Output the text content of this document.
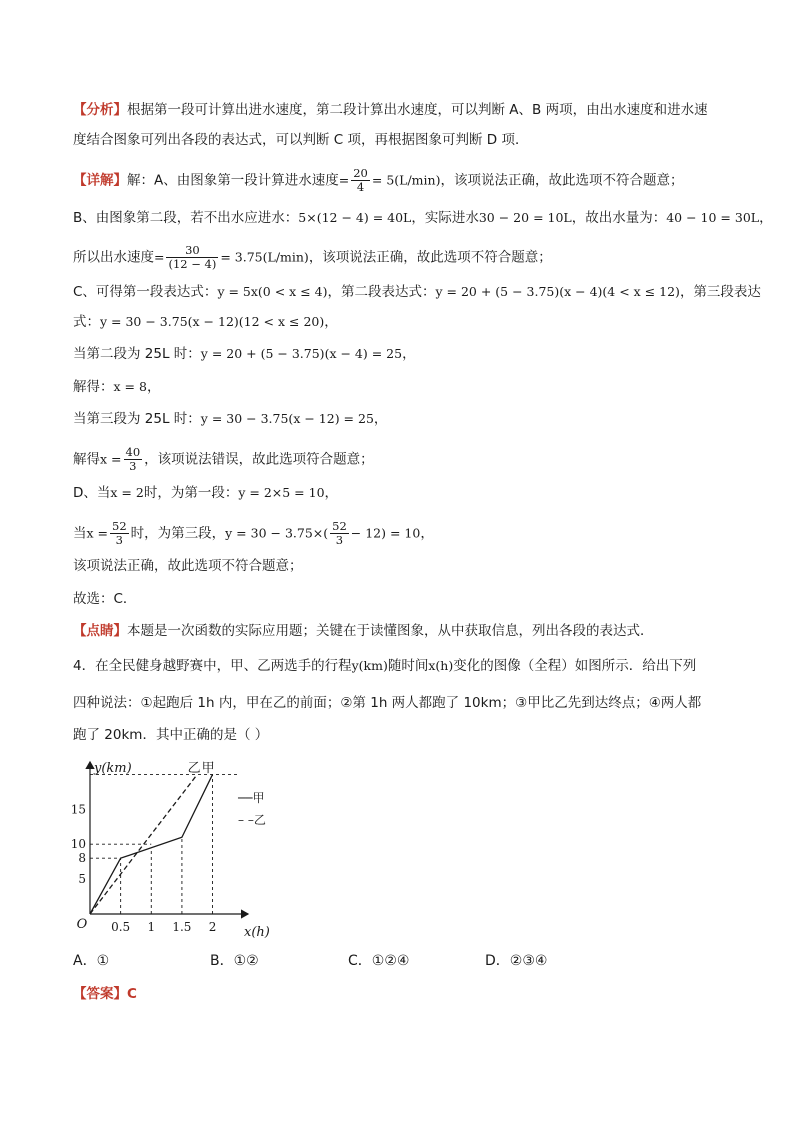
【分析】根据第一段可计算出进水速度，第二段计算出水速度，可以判断 A、B 两项，由出水速度和进水速
度结合图象可列出各段的表达式，可以判断 C 项，再根据图象可判断 D 项．
【详解】解：A、由图象第一段计算进水速度= $\frac{20}{4} = 5(L/\min)$，该项说法正确，故此选项不符合题意；
B、由图象第二段，若不出水应进水：5×(12 − 4) = 40L，实际进水30 − 20 = 10L，故出水量为：40 − 10 = 30L，
所以出水速度= $\frac{30}{(12 - 4)} = 3.75(L/\min)$，该项说法正确，故此选项不符合题意；
C、可得第一段表达式：y = 5x(0 < x ≤ 4)，第二段表达式：y = 20 + (5 − 3.75)(x − 4)(4 < x ≤ 12)，第三段表达
式：y = 30 − 3.75(x − 12)(12 < x ≤ 20)，
当第二段为 25L 时：y = 20 + (5 − 3.75)(x − 4) = 25，
解得：x = 8，
当第三段为 25L 时：y = 30 − 3.75(x − 12) = 25，
解得$x = \frac{40}{3}$ ，该项说法错误，故此选项符合题意；
D、当x = 2时，为第一段：y = 2×5 = 10，
当$x = \frac{52}{3}$ 时，为第三段，$y = 30 - 3.75\times( \frac{52}{3} - 12) = 10$，
该项说法正确，故此选项不符合题意；
故选：C．
【点睛】本题是一次函数的实际应用题；关键在于读懂图象，从中获取信息，列出各段的表达式．
4．在全民健身越野赛中，甲、乙两选手的行程y(km)随时间x(h)变化的图像（全程）如图所示．给出下列
四种说法：①起跑后 1h 内，甲在乙的前面；②第 1h 两人都跑了 10km；③甲比乙先到达终点；④两人都
跑了 20km．其中正确的是（ ）
5
8
10
15
0.5 1 1.5 2
y(km)
x(h)
O
乙 甲
──甲
– –乙
A．①	B．①②	C．①②④	D．②③④
【答案】C
